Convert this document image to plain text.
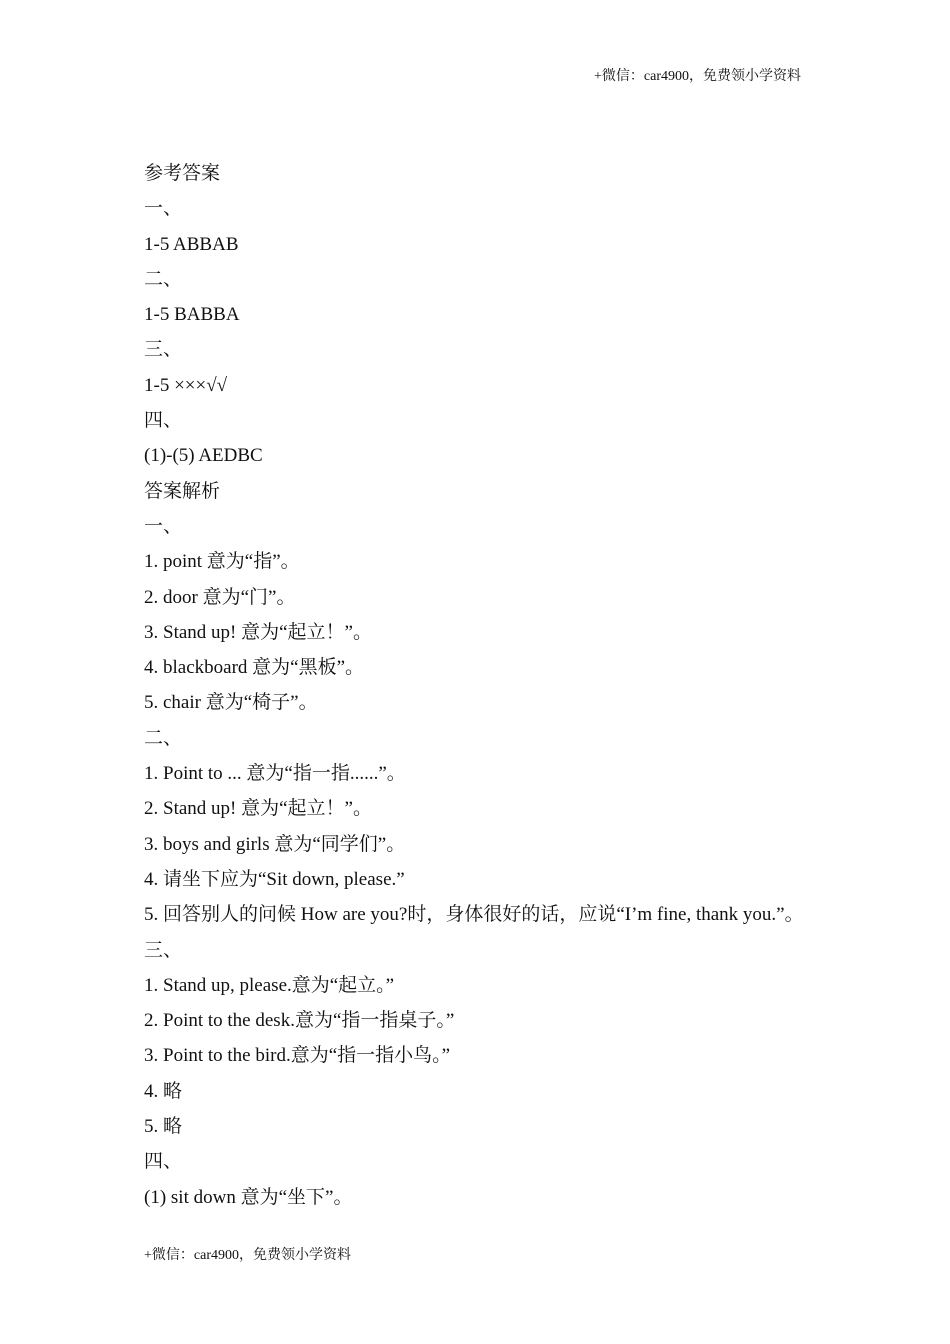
+微信：car4900，免费领小学资料
参考答案
一、
1-5 ABBAB
二、
1-5 BABBA
三、
1-5 ×××√√
四、
(1)-(5) AEDBC
答案解析
一、
1. point 意为“指”。
2. door 意为“门”。
3. Stand up! 意为“起立！”。
4. blackboard 意为“黑板”。
5. chair 意为“椅子”。
二、
1. Point to ... 意为“指一指......”。
2. Stand up! 意为“起立！”。
3. boys and girls 意为“同学们”。
4. 请坐下应为“Sit down, please.”
5. 回答别人的问候 How are you?时，身体很好的话，应说“I’m fine, thank you.”。
三、
1. Stand up, please.意为“起立。”
2. Point to the desk.意为“指一指桌子。”
3. Point to the bird.意为“指一指小鸟。”
4. 略
5. 略
四、
(1) sit down 意为“坐下”。
+微信：car4900，免费领小学资料
